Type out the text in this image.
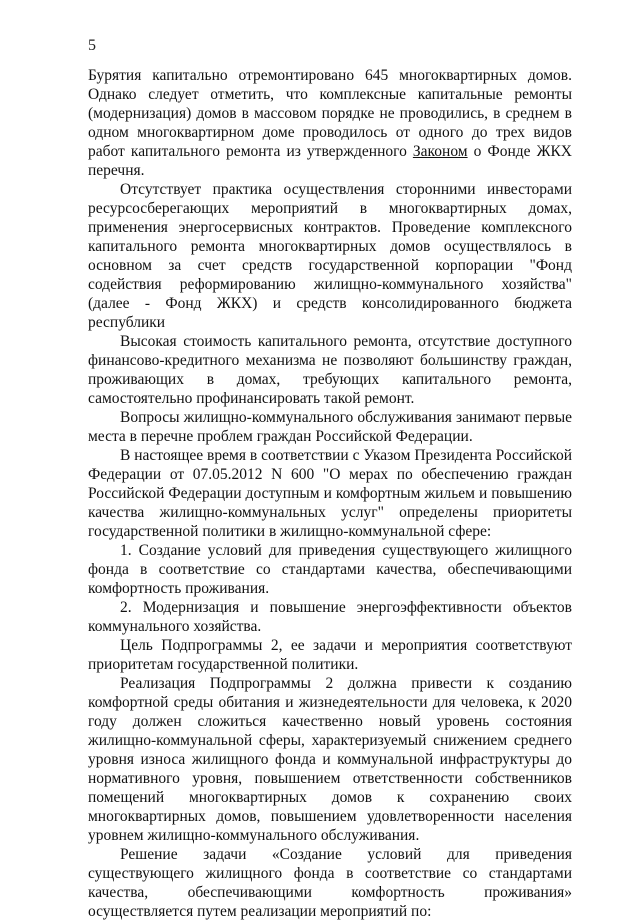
5

Бурятия капитально отремонтировано 645 многоквартирных домов. Однако следует отметить, что комплексные капитальные ремонты (модернизация) домов в массовом порядке не проводились, в среднем в одном многоквартирном доме проводилось от одного до трех видов работ капитального ремонта из утвержденного Законом о Фонде ЖКХ перечня.

Отсутствует практика осуществления сторонними инвесторами ресурсосберегающих мероприятий в многоквартирных домах, применения энергосервисных контрактов. Проведение комплексного капитального ремонта многоквартирных домов осуществлялось в основном за счет средств государственной корпорации "Фонд содействия реформированию жилищно-коммунального хозяйства" (далее - Фонд ЖКХ) и средств консолидированного бюджета республики

Высокая стоимость капитального ремонта, отсутствие доступного финансово-кредитного механизма не позволяют большинству граждан, проживающих в домах, требующих капитального ремонта, самостоятельно профинансировать такой ремонт.

Вопросы жилищно-коммунального обслуживания занимают первые места в перечне проблем граждан Российской Федерации.

В настоящее время в соответствии с Указом Президента Российской Федерации от 07.05.2012 N 600 "О мерах по обеспечению граждан Российской Федерации доступным и комфортным жильем и повышению качества жилищно-коммунальных услуг" определены приоритеты государственной политики в жилищно-коммунальной сфере:

1. Создание условий для приведения существующего жилищного фонда в соответствие со стандартами качества, обеспечивающими комфортность проживания.

2. Модернизация и повышение энергоэффективности объектов коммунального хозяйства.

Цель Подпрограммы 2, ее задачи и мероприятия соответствуют приоритетам государственной политики.

Реализация Подпрограммы 2 должна привести к созданию комфортной среды обитания и жизнедеятельности для человека, к 2020 году должен сложиться качественно новый уровень состояния жилищно-коммунальной сферы, характеризуемый снижением среднего уровня износа жилищного фонда и коммунальной инфраструктуры до нормативного уровня, повышением ответственности собственников помещений многоквартирных домов к сохранению своих многоквартирных домов, повышением удовлетворенности населения уровнем жилищно-коммунального обслуживания.

Решение задачи «Создание условий для приведения существующего жилищного фонда в соответствие со стандартами качества, обеспечивающими комфортность проживания» осуществляется путем реализации мероприятий по:
